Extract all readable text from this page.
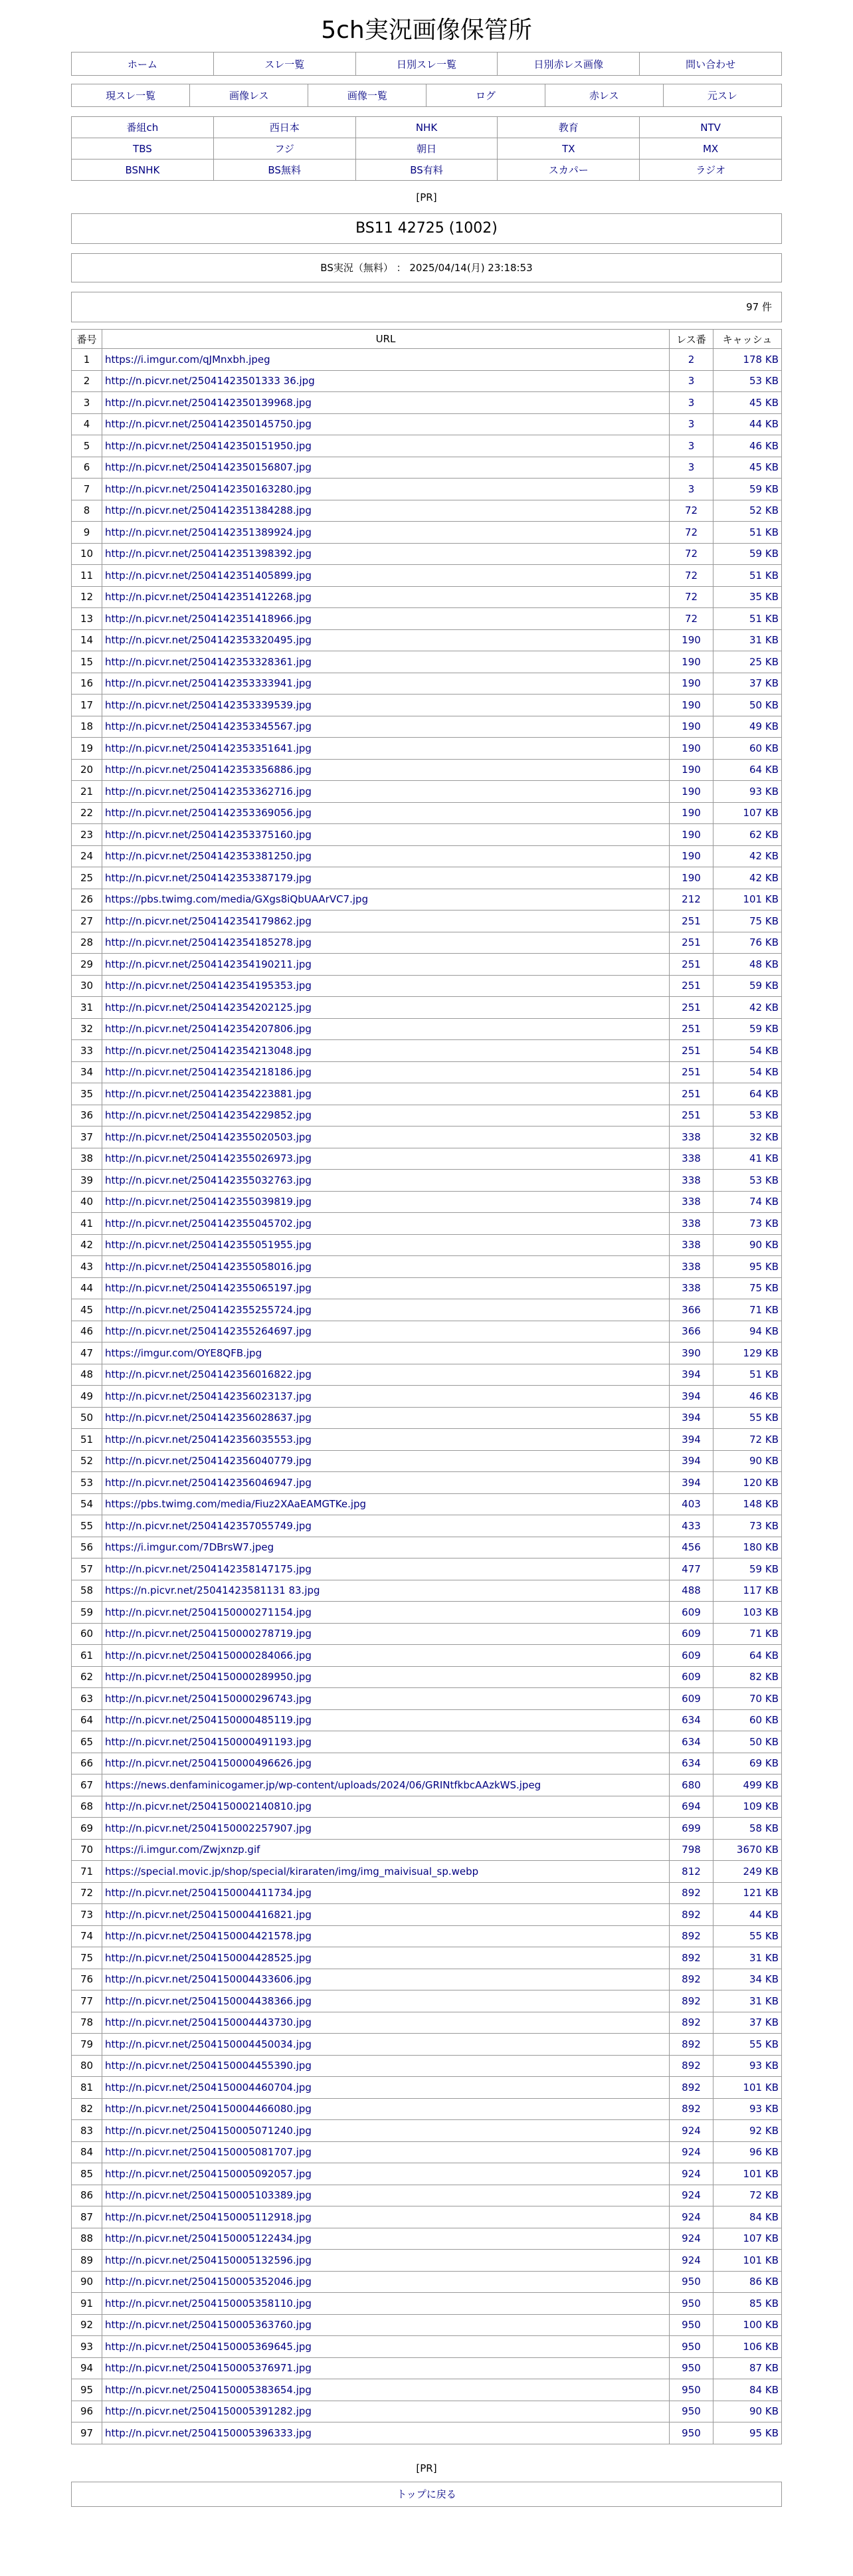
5ch実況画像保管所
ホーム	スレ一覧	日別スレ一覧	日別赤レス画像	問い合わせ
現スレ一覧	画像レス	画像一覧	ログ	赤レス	元スレ
番組ch	西日本	NHK	教育	NTV
TBS	フジ	朝日	TX	MX
BSNHK	BS無料	BS有料	スカパー	ラジオ
[PR]
BS11 42725 (1002)
BS実況（無料） ： 2025/04/14(月) 23:18:53
97 件
番号	URL	レス番	キャッシュ
1	https://i.imgur.com/qJMnxbh.jpeg	2	178 KB
2	http://n.picvr.net/25041423501333 36.jpg	3	53 KB
3	http://n.picvr.net/2504142350139968.jpg	3	45 KB
4	http://n.picvr.net/2504142350145750.jpg	3	44 KB
5	http://n.picvr.net/2504142350151950.jpg	3	46 KB
6	http://n.picvr.net/2504142350156807.jpg	3	45 KB
7	http://n.picvr.net/2504142350163280.jpg	3	59 KB
8	http://n.picvr.net/2504142351384288.jpg	72	52 KB
9	http://n.picvr.net/2504142351389924.jpg	72	51 KB
10	http://n.picvr.net/2504142351398392.jpg	72	59 KB
11	http://n.picvr.net/2504142351405899.jpg	72	51 KB
12	http://n.picvr.net/2504142351412268.jpg	72	35 KB
13	http://n.picvr.net/2504142351418966.jpg	72	51 KB
14	http://n.picvr.net/2504142353320495.jpg	190	31 KB
15	http://n.picvr.net/2504142353328361.jpg	190	25 KB
16	http://n.picvr.net/2504142353333941.jpg	190	37 KB
17	http://n.picvr.net/2504142353339539.jpg	190	50 KB
18	http://n.picvr.net/2504142353345567.jpg	190	49 KB
19	http://n.picvr.net/2504142353351641.jpg	190	60 KB
20	http://n.picvr.net/2504142353356886.jpg	190	64 KB
21	http://n.picvr.net/2504142353362716.jpg	190	93 KB
22	http://n.picvr.net/2504142353369056.jpg	190	107 KB
23	http://n.picvr.net/2504142353375160.jpg	190	62 KB
24	http://n.picvr.net/2504142353381250.jpg	190	42 KB
25	http://n.picvr.net/2504142353387179.jpg	190	42 KB
26	https://pbs.twimg.com/media/GXgs8iQbUAArVC7.jpg	212	101 KB
27	http://n.picvr.net/2504142354179862.jpg	251	75 KB
28	http://n.picvr.net/2504142354185278.jpg	251	76 KB
29	http://n.picvr.net/2504142354190211.jpg	251	48 KB
30	http://n.picvr.net/2504142354195353.jpg	251	59 KB
31	http://n.picvr.net/2504142354202125.jpg	251	42 KB
32	http://n.picvr.net/2504142354207806.jpg	251	59 KB
33	http://n.picvr.net/2504142354213048.jpg	251	54 KB
34	http://n.picvr.net/2504142354218186.jpg	251	54 KB
35	http://n.picvr.net/2504142354223881.jpg	251	64 KB
36	http://n.picvr.net/2504142354229852.jpg	251	53 KB
37	http://n.picvr.net/2504142355020503.jpg	338	32 KB
38	http://n.picvr.net/2504142355026973.jpg	338	41 KB
39	http://n.picvr.net/2504142355032763.jpg	338	53 KB
40	http://n.picvr.net/2504142355039819.jpg	338	74 KB
41	http://n.picvr.net/2504142355045702.jpg	338	73 KB
42	http://n.picvr.net/2504142355051955.jpg	338	90 KB
43	http://n.picvr.net/2504142355058016.jpg	338	95 KB
44	http://n.picvr.net/2504142355065197.jpg	338	75 KB
45	http://n.picvr.net/2504142355255724.jpg	366	71 KB
46	http://n.picvr.net/2504142355264697.jpg	366	94 KB
47	https://imgur.com/OYE8QFB.jpg	390	129 KB
48	http://n.picvr.net/2504142356016822.jpg	394	51 KB
49	http://n.picvr.net/2504142356023137.jpg	394	46 KB
50	http://n.picvr.net/2504142356028637.jpg	394	55 KB
51	http://n.picvr.net/2504142356035553.jpg	394	72 KB
52	http://n.picvr.net/2504142356040779.jpg	394	90 KB
53	http://n.picvr.net/2504142356046947.jpg	394	120 KB
54	https://pbs.twimg.com/media/Fiuz2XAaEAMGTKe.jpg	403	148 KB
55	http://n.picvr.net/2504142357055749.jpg	433	73 KB
56	https://i.imgur.com/7DBrsW7.jpeg	456	180 KB
57	http://n.picvr.net/2504142358147175.jpg	477	59 KB
58	https://n.picvr.net/25041423581131 83.jpg	488	117 KB
59	http://n.picvr.net/2504150000271154.jpg	609	103 KB
60	http://n.picvr.net/2504150000278719.jpg	609	71 KB
61	http://n.picvr.net/2504150000284066.jpg	609	64 KB
62	http://n.picvr.net/2504150000289950.jpg	609	82 KB
63	http://n.picvr.net/2504150000296743.jpg	609	70 KB
64	http://n.picvr.net/2504150000485119.jpg	634	60 KB
65	http://n.picvr.net/2504150000491193.jpg	634	50 KB
66	http://n.picvr.net/2504150000496626.jpg	634	69 KB
67	https://news.denfaminicogamer.jp/wp-content/uploads/2024/06/GRINtfkbcAAzkWS.jpeg	680	499 KB
68	http://n.picvr.net/2504150002140810.jpg	694	109 KB
69	http://n.picvr.net/2504150002257907.jpg	699	58 KB
70	https://i.imgur.com/Zwjxnzp.gif	798	3670 KB
71	https://special.movic.jp/shop/special/kiraraten/img/img_maivisual_sp.webp	812	249 KB
72	http://n.picvr.net/2504150004411734.jpg	892	121 KB
73	http://n.picvr.net/2504150004416821.jpg	892	44 KB
74	http://n.picvr.net/2504150004421578.jpg	892	55 KB
75	http://n.picvr.net/2504150004428525.jpg	892	31 KB
76	http://n.picvr.net/2504150004433606.jpg	892	34 KB
77	http://n.picvr.net/2504150004438366.jpg	892	31 KB
78	http://n.picvr.net/2504150004443730.jpg	892	37 KB
79	http://n.picvr.net/2504150004450034.jpg	892	55 KB
80	http://n.picvr.net/2504150004455390.jpg	892	93 KB
81	http://n.picvr.net/2504150004460704.jpg	892	101 KB
82	http://n.picvr.net/2504150004466080.jpg	892	93 KB
83	http://n.picvr.net/2504150005071240.jpg	924	92 KB
84	http://n.picvr.net/2504150005081707.jpg	924	96 KB
85	http://n.picvr.net/2504150005092057.jpg	924	101 KB
86	http://n.picvr.net/2504150005103389.jpg	924	72 KB
87	http://n.picvr.net/2504150005112918.jpg	924	84 KB
88	http://n.picvr.net/2504150005122434.jpg	924	107 KB
89	http://n.picvr.net/2504150005132596.jpg	924	101 KB
90	http://n.picvr.net/2504150005352046.jpg	950	86 KB
91	http://n.picvr.net/2504150005358110.jpg	950	85 KB
92	http://n.picvr.net/2504150005363760.jpg	950	100 KB
93	http://n.picvr.net/2504150005369645.jpg	950	106 KB
94	http://n.picvr.net/2504150005376971.jpg	950	87 KB
95	http://n.picvr.net/2504150005383654.jpg	950	84 KB
96	http://n.picvr.net/2504150005391282.jpg	950	90 KB
97	http://n.picvr.net/2504150005396333.jpg	950	95 KB
[PR]
トップに戻る
